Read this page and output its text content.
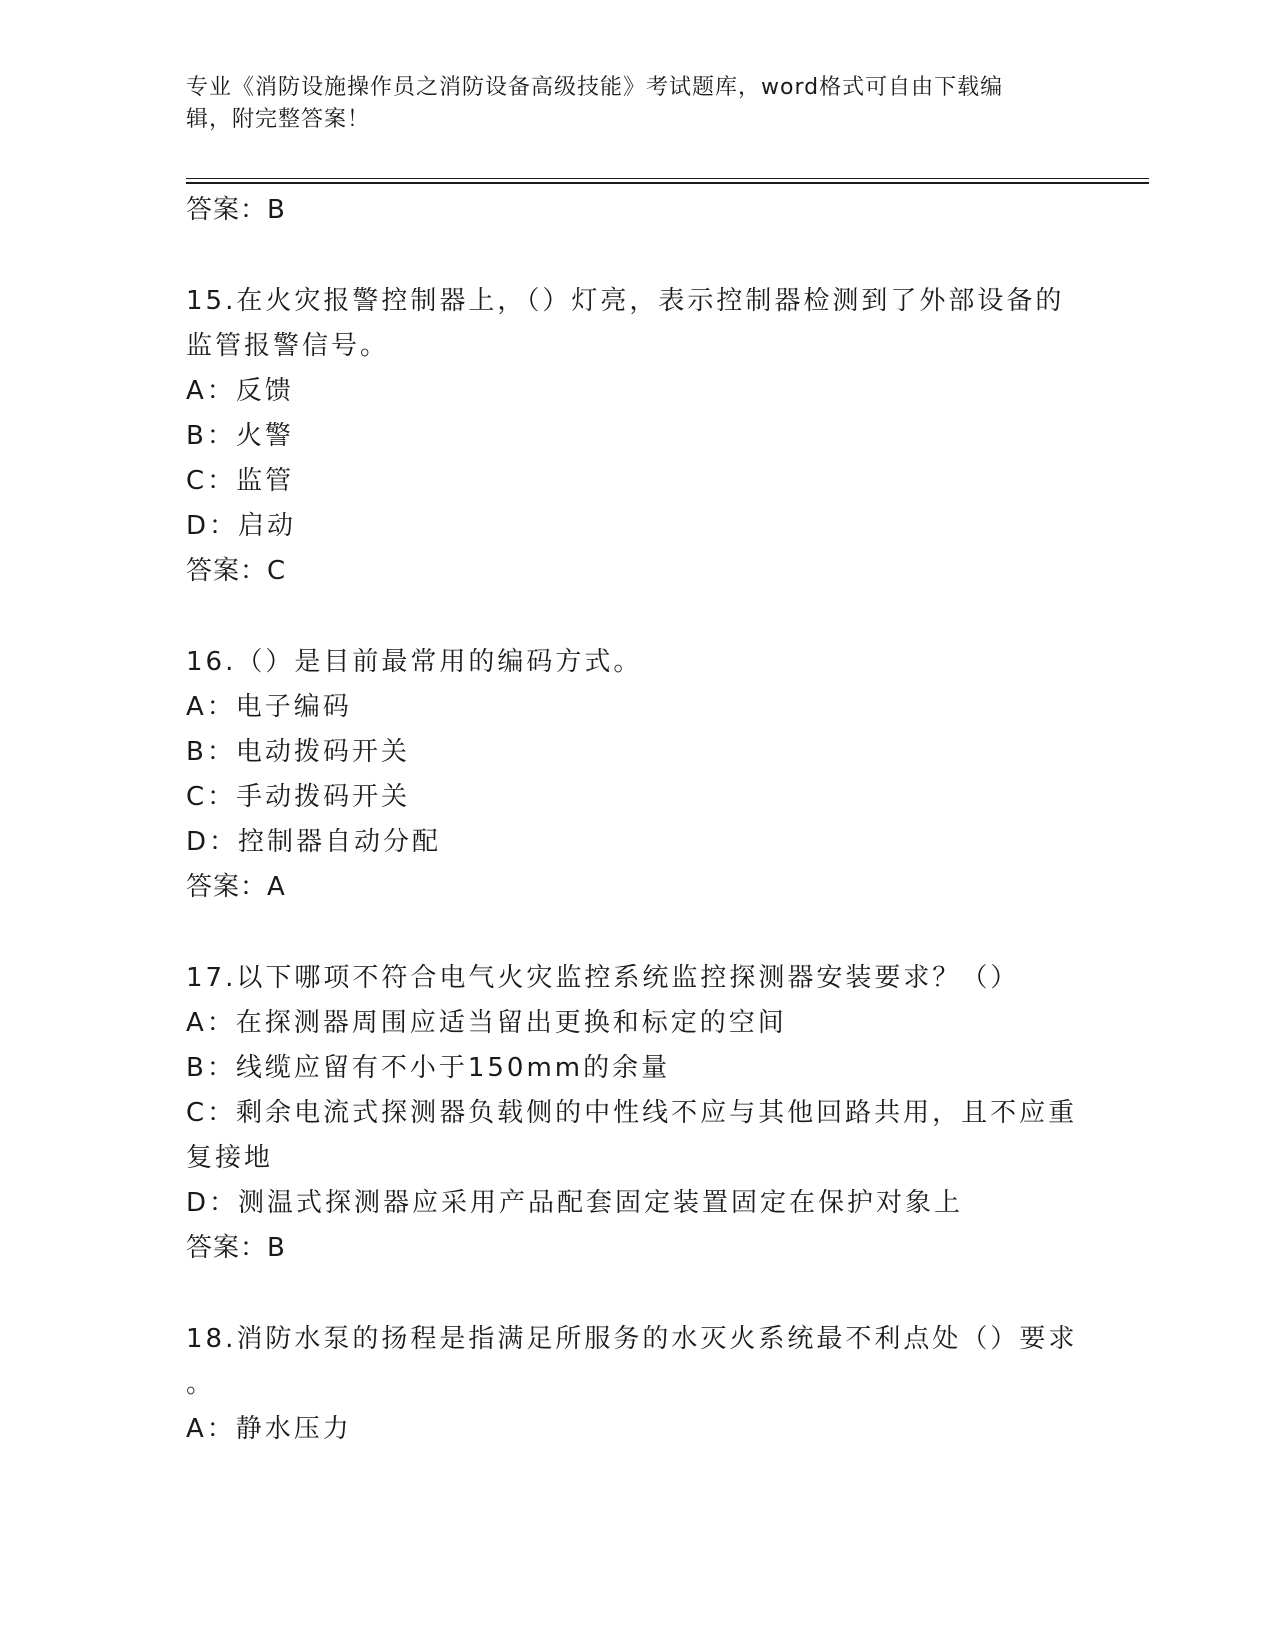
专业《消防设施操作员之消防设备高级技能》考试题库，word格式可自由下载编
辑，附完整答案！
答案：B
15.在火灾报警控制器上，（）灯亮，表示控制器检测到了外部设备的
监管报警信号。
A：反馈
B：火警
C：监管
D：启动
答案：C
16.（）是目前最常用的编码方式。
A：电子编码
B：电动拨码开关
C：手动拨码开关
D：控制器自动分配
答案：A
17.以下哪项不符合电气火灾监控系统监控探测器安装要求？（）
A：在探测器周围应适当留出更换和标定的空间
B：线缆应留有不小于150mm的余量
C：剩余电流式探测器负载侧的中性线不应与其他回路共用，且不应重
复接地
D：测温式探测器应采用产品配套固定装置固定在保护对象上
答案：B
18.消防水泵的扬程是指满足所服务的水灭火系统最不利点处（）要求
。
A：静水压力
